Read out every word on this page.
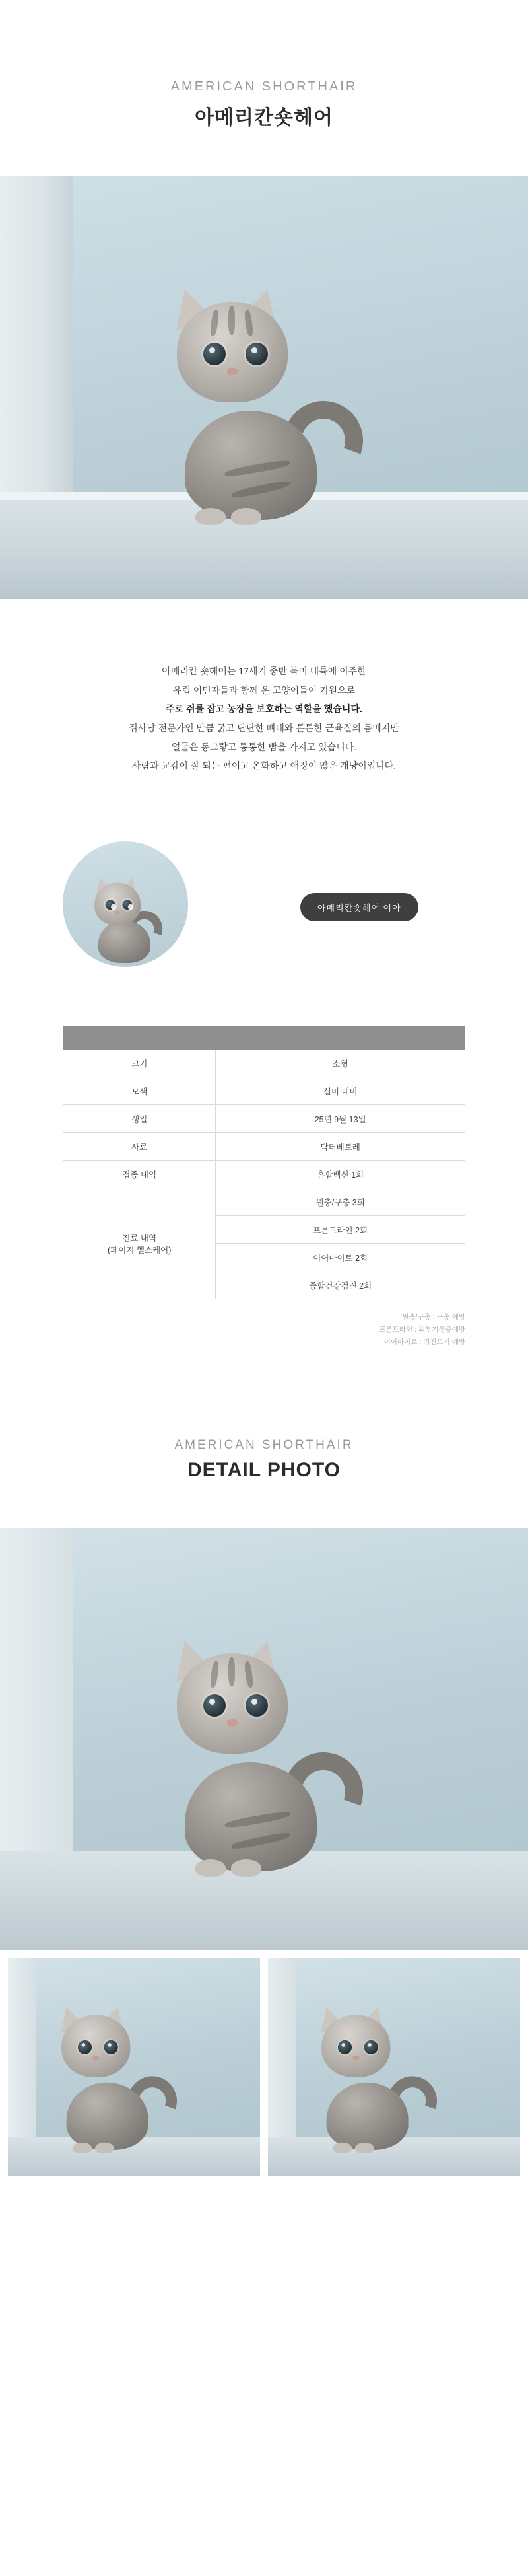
AMERICAN SHORTHAIR
아메리칸숏헤어
아메리칸 숏헤어는 17세기 중반 북미 대륙에 이주한
유럽 이민자들과 함께 온 고양이들이 기원으로
주로 쥐를 잡고 농장을 보호하는 역할을 했습니다.
쥐사냥 전문가인 만큼 굵고 단단한 뼈대와 튼튼한 근육질의 몸매지만
얼굴은 동그랗고 통통한 빰을 가지고 있습니다.
사람과 교감이 잘 되는 편이고 온화하고 애정이 많은 개냥이입니다.
아메리칸숏헤어 여아

크기	소형
모색	실버 태비
생일	25년 9월 13일
사료	닥터베토레
접종 내역	혼합백신 1회

진료 내역
(페이지 헬스케어)	원충/구충 3회
	프론트라인 2회
	이어마이트 2회
	종합건강검진 2회
원충/구충 : 구충 예방
프론트라인 : 외부기생충예방
이어마이트 : 귀진드기 예방
AMERICAN SHORTHAIR
DETAIL PHOTO
